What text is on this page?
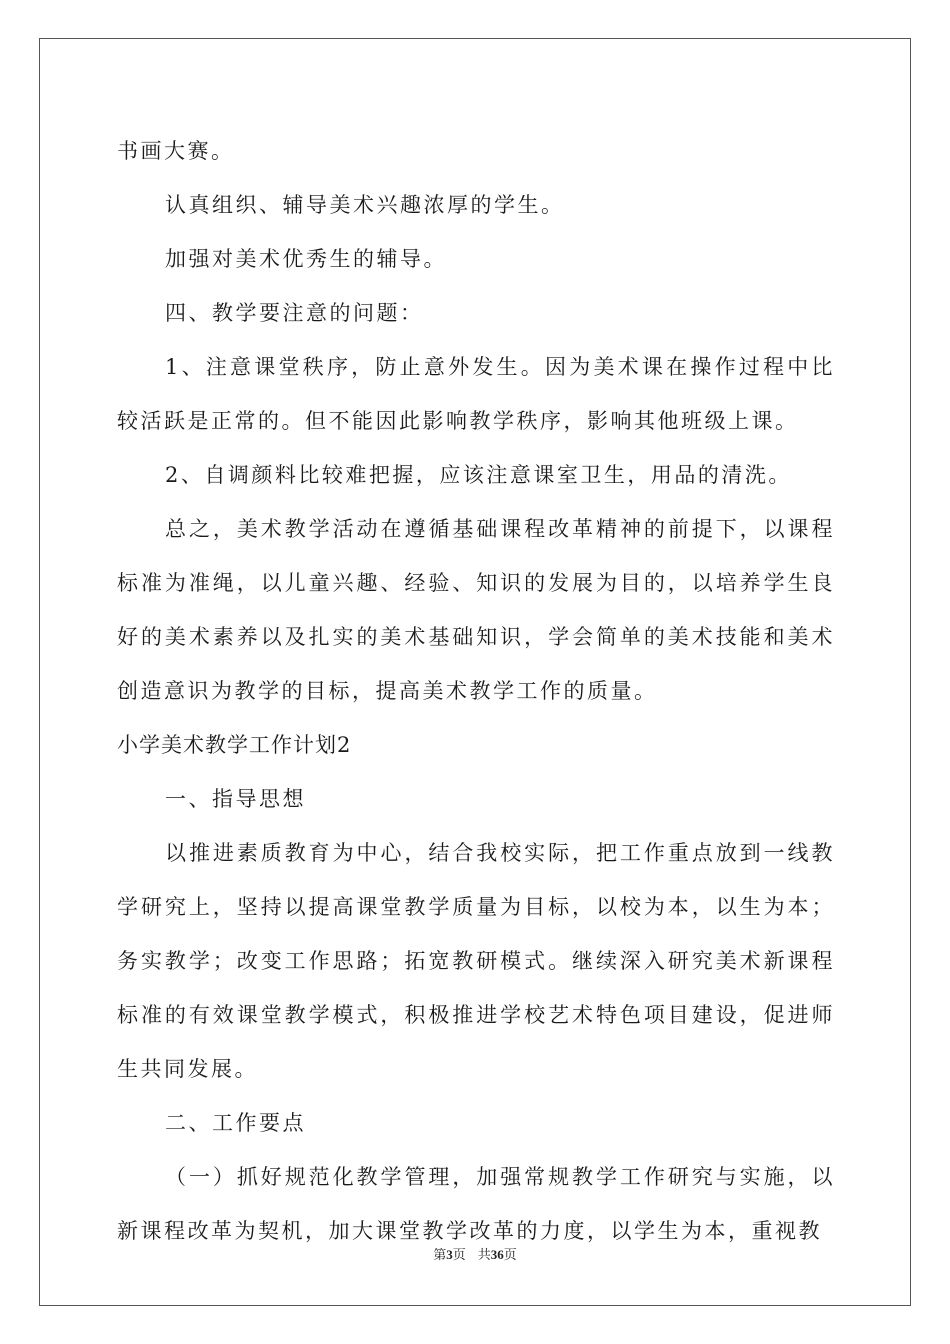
书画大赛。

认真组织、辅导美术兴趣浓厚的学生。

加强对美术优秀生的辅导。

四、教学要注意的问题：

1、注意课堂秩序，防止意外发生。因为美术课在操作过程中比较活跃是正常的。但不能因此影响教学秩序，影响其他班级上课。

2、自调颜料比较难把握，应该注意课室卫生，用品的清洗。

总之，美术教学活动在遵循基础课程改革精神的前提下，以课程标准为准绳，以儿童兴趣、经验、知识的发展为目的，以培养学生良好的美术素养以及扎实的美术基础知识，学会简单的美术技能和美术创造意识为教学的目标，提高美术教学工作的质量。

小学美术教学工作计划2

一、指导思想

以推进素质教育为中心，结合我校实际，把工作重点放到一线教学研究上，坚持以提高课堂教学质量为目标，以校为本，以生为本；务实教学；改变工作思路；拓宽教研模式。继续深入研究美术新课程标准的有效课堂教学模式，积极推进学校艺术特色项目建设，促进师生共同发展。

二、工作要点

（一）抓好规范化教学管理，加强常规教学工作研究与实施，以新课程改革为契机，加大课堂教学改革的力度，以学生为本，重视教

第3页 共36页
